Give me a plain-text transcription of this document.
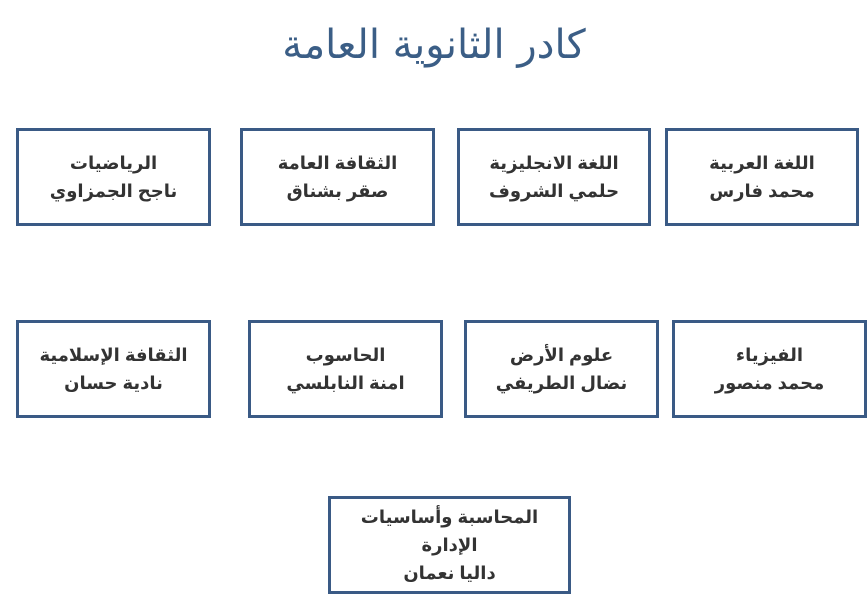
كادر الثانوية العامة
اللغة العربية
محمد فارس
اللغة الانجليزية
حلمي الشروف
الثقافة العامة
صقر بشناق
الرياضيات
ناجح الجمزاوي
الفيزياء
محمد منصور
علوم الأرض
نضال الطريفي
الحاسوب
امنة النابلسي
الثقافة الإسلامية
نادية حسان
المحاسبة وأساسيات الإدارة
داليا نعمان
